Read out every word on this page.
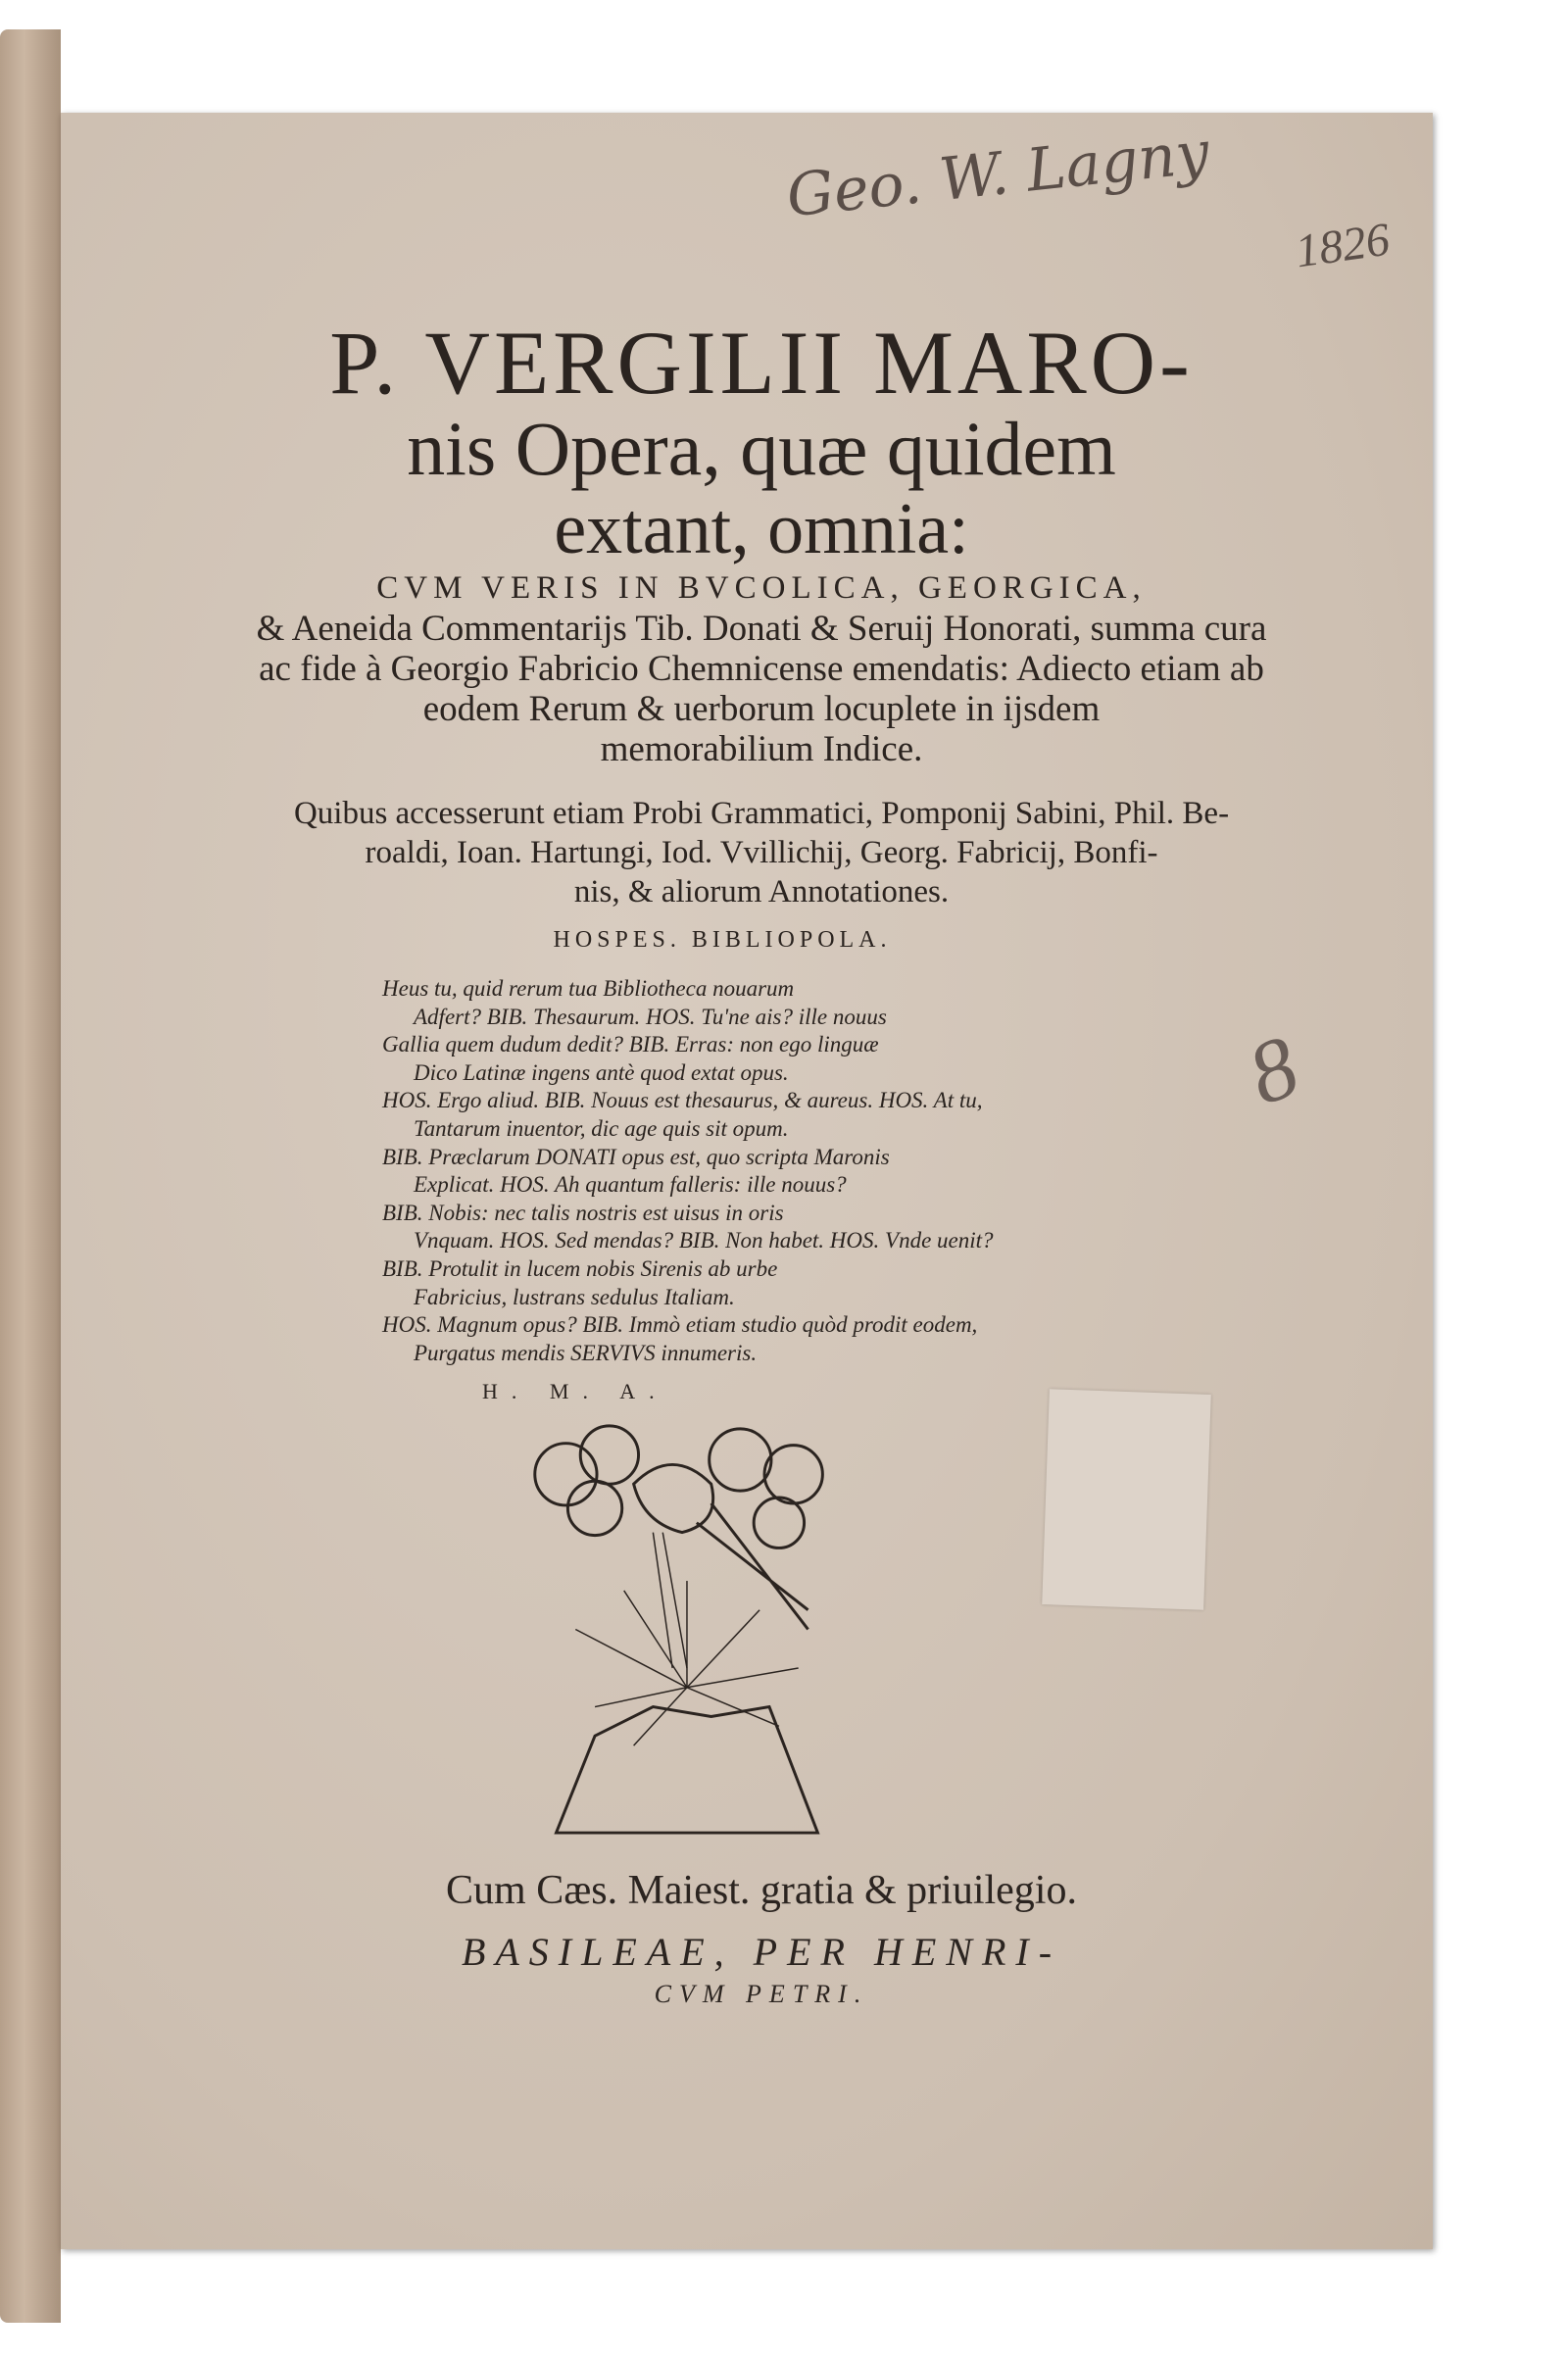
Geo. W. Lagny
1826
8
P. VERGILII MARO-
nis Opera, quæ quidem
extant, omnia:
CVM VERIS IN BVCOLICA, GEORGICA,
& Aeneida Commentarijs Tib. Donati & Seruij Honorati, summa cura
ac fide à Georgio Fabricio Chemnicense emendatis: Adiecto etiam ab
eodem Rerum & uerborum locuplete in ijsdem
memorabilium Indice.
Quibus accesserunt etiam Probi Grammatici, Pomponij Sabini, Phil. Be-
roaldi, Ioan. Hartungi, Iod. Vvillichij, Georg. Fabricij, Bonfi-
nis, & aliorum Annotationes.
HOSPES. BIBLIOPOLA.
Heus tu, quid rerum tua Bibliotheca nouarum
Adfert? BIB. Thesaurum. HOS. Tu'ne ais? ille nouus
Gallia quem dudum dedit? BIB. Erras: non ego linguæ
Dico Latinæ ingens antè quod extat opus.
HOS. Ergo aliud. BIB. Nouus est thesaurus, & aureus. HOS. At tu,
Tantarum inuentor, dic age quis sit opum.
BIB. Præclarum DONATI opus est, quo scripta Maronis
Explicat. HOS. Ah quantum falleris: ille nouus?
BIB. Nobis: nec talis nostris est uisus in oris
Vnquam. HOS. Sed mendas? BIB. Non habet. HOS. Vnde uenit?
BIB. Protulit in lucem nobis Sirenis ab urbe
Fabricius, lustrans sedulus Italiam.
HOS. Magnum opus? BIB. Immò etiam studio quòd prodit eodem,
Purgatus mendis SERVIVS innumeris.
H. M. A.
Cum Cæs. Maiest. gratia & priuilegio.
BASILEAE, PER HENRI-
CVM PETRI.
